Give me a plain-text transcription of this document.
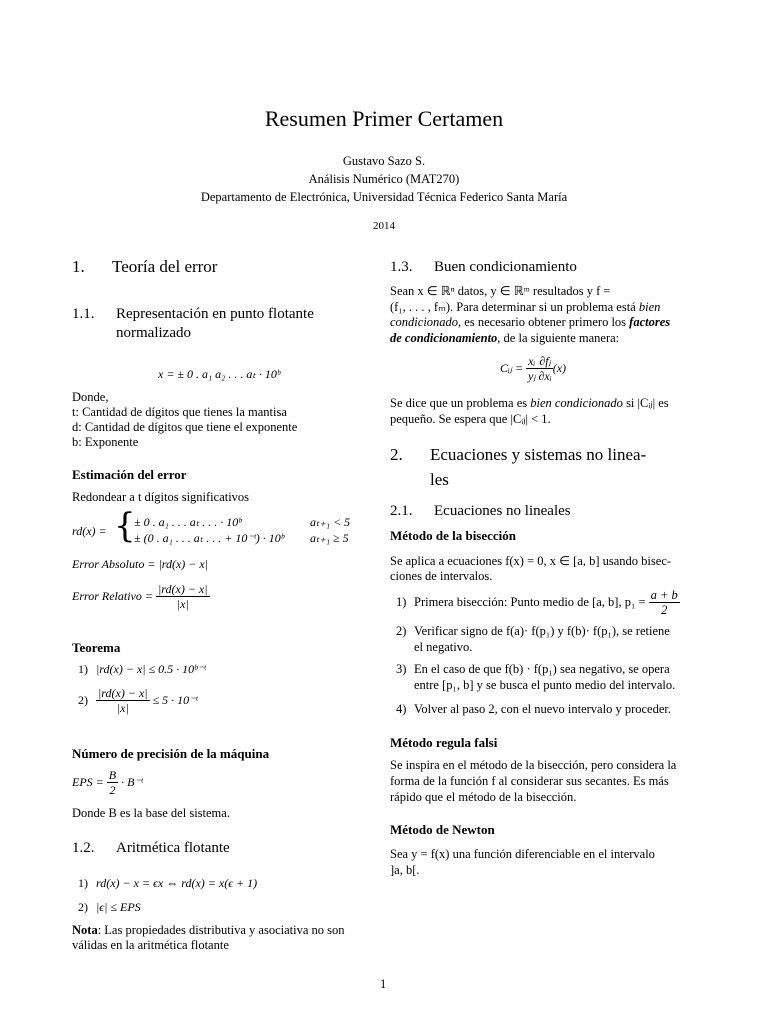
Resumen Primer Certamen
Gustavo Sazo S.
Análisis Numérico (MAT270)
Departamento de Electrónica, Universidad Técnica Federico Santa María
2014
1. Teoría del error
1.1. Representación en punto flotante
normalizado
x = ± 0 . a₁ a₂ . . . aₜ · 10ᵇ
Donde,
t: Cantidad de dígitos que tienes la mantisa
d: Cantidad de dígitos que tiene el exponente
b: Exponente
Estimación del error
Redondear a t dígitos significativos
rd(x) = {
± 0 . a₁ . . . aₜ . . . · 10ᵇ	aₜ₊₁ < 5
± (0 . a₁ . . . aₜ . . . + 10⁻ᵗ) · 10ᵇ aₜ₊₁ ≥ 5
Error Absoluto = |rd(x) − x|
Error Relativo = $\frac{|rd(x) - x|}{|x|}$
Teorema
1) |rd(x) − x| ≤ 0.5 · 10ᵇ⁻ᵗ
$2) \frac{|rd(x) - x|}{|x|} \le 5$ · 10⁻ᵗ
Número de precisión de la máquina
EPS = $\frac{B}{2}$ · B⁻ᵗ
Donde B es la base del sistema.
1.2. Aritmética flotante
1) rd(x) − x = ϵx ⇔ rd(x) = x(ϵ + 1)
2) |ϵ| ≤ EPS
Nota: Las propiedades distributiva y asociativa no son
válidas en la aritmética flotante
1.3. Buen condicionamiento
Sean x ∈ ℝⁿ datos, y ∈ ℝᵐ resultados y f =
(f₁, . . . , fₘ). Para determinar si un problema está bien
condicionado, es necesario obtener primero los factores
de condicionamiento, de la siguiente manera:
Cᵢⱼ = $\frac{\text{xᵢ}}{\text{yⱼ}} \frac{\text{∂fⱼ}}{\text{∂xᵢ}} (x)$
Se dice que un problema es bien condicionado si |Cᵢⱼ| es
pequeño. Se espera que |Cᵢⱼ| < 1.
2. Ecuaciones y sistemas no linea-
les
2.1. Ecuaciones no lineales
Método de la bisección
Se aplica a ecuaciones f(x) = 0, x ∈ [a, b] usando bisec-
ciones de intervalos.
1) Primera bisección: Punto medio de [a, b], $p_1 = \frac{a + b}{2}$
2) Verificar signo de f(a)· f(p₁) y f(b)· f(p₁), se retiene
el negativo.
3) En el caso de que f(b) · f(p₁) sea negativo, se opera
entre [p₁, b] y se busca el punto medio del intervalo.
4) Volver al paso 2, con el nuevo intervalo y proceder.
Método regula falsi
Se inspira en el método de la bisección, pero considera la
forma de la función f al considerar sus secantes. Es más
rápido que el método de la bisección.
Método de Newton
Sea y = f(x) una función diferenciable en el intervalo
]a, b[.
1
